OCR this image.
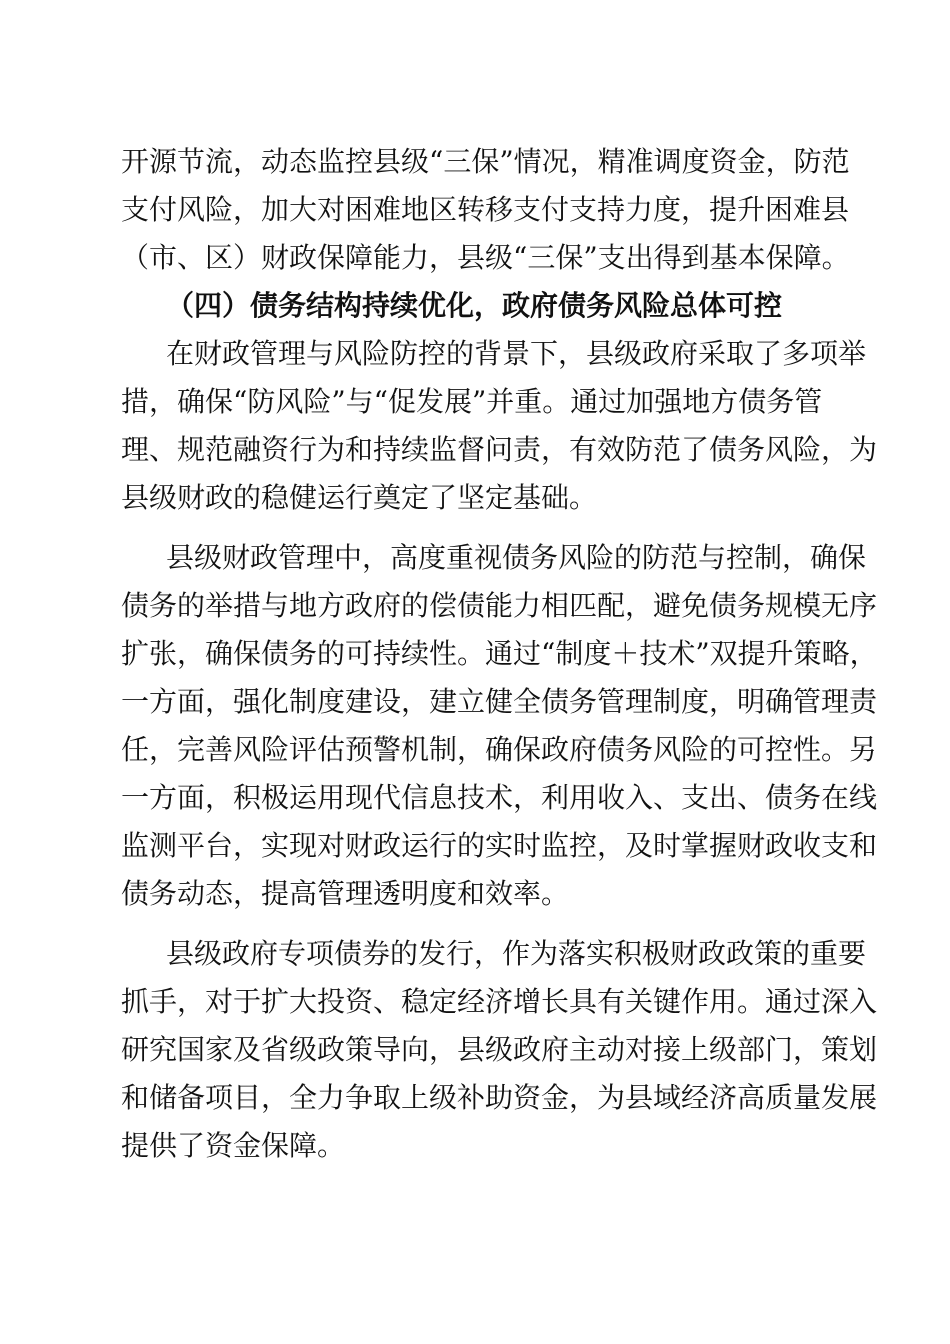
开源节流，动态监控县级“三保”情况，精准调度资金，防范
支付风险，加大对困难地区转移支付支持力度，提升困难县
（市、区）财政保障能力，县级“三保”支出得到基本保障。
（四）债务结构持续优化，政府债务风险总体可控
在财政管理与风险防控的背景下，县级政府采取了多项举
措，确保“防风险”与“促发展”并重。通过加强地方债务管
理、规范融资行为和持续监督问责，有效防范了债务风险，为
县级财政的稳健运行奠定了坚定基础。
县级财政管理中，高度重视债务风险的防范与控制，确保
债务的举措与地方政府的偿债能力相匹配，避免债务规模无序
扩张，确保债务的可持续性。通过“制度＋技术”双提升策略，
一方面，强化制度建设，建立健全债务管理制度，明确管理责
任，完善风险评估预警机制，确保政府债务风险的可控性。另
一方面，积极运用现代信息技术，利用收入、支出、债务在线
监测平台，实现对财政运行的实时监控，及时掌握财政收支和
债务动态，提高管理透明度和效率。
县级政府专项债券的发行，作为落实积极财政政策的重要
抓手，对于扩大投资、稳定经济增长具有关键作用。通过深入
研究国家及省级政策导向，县级政府主动对接上级部门，策划
和储备项目，全力争取上级补助资金，为县域经济高质量发展
提供了资金保障。
